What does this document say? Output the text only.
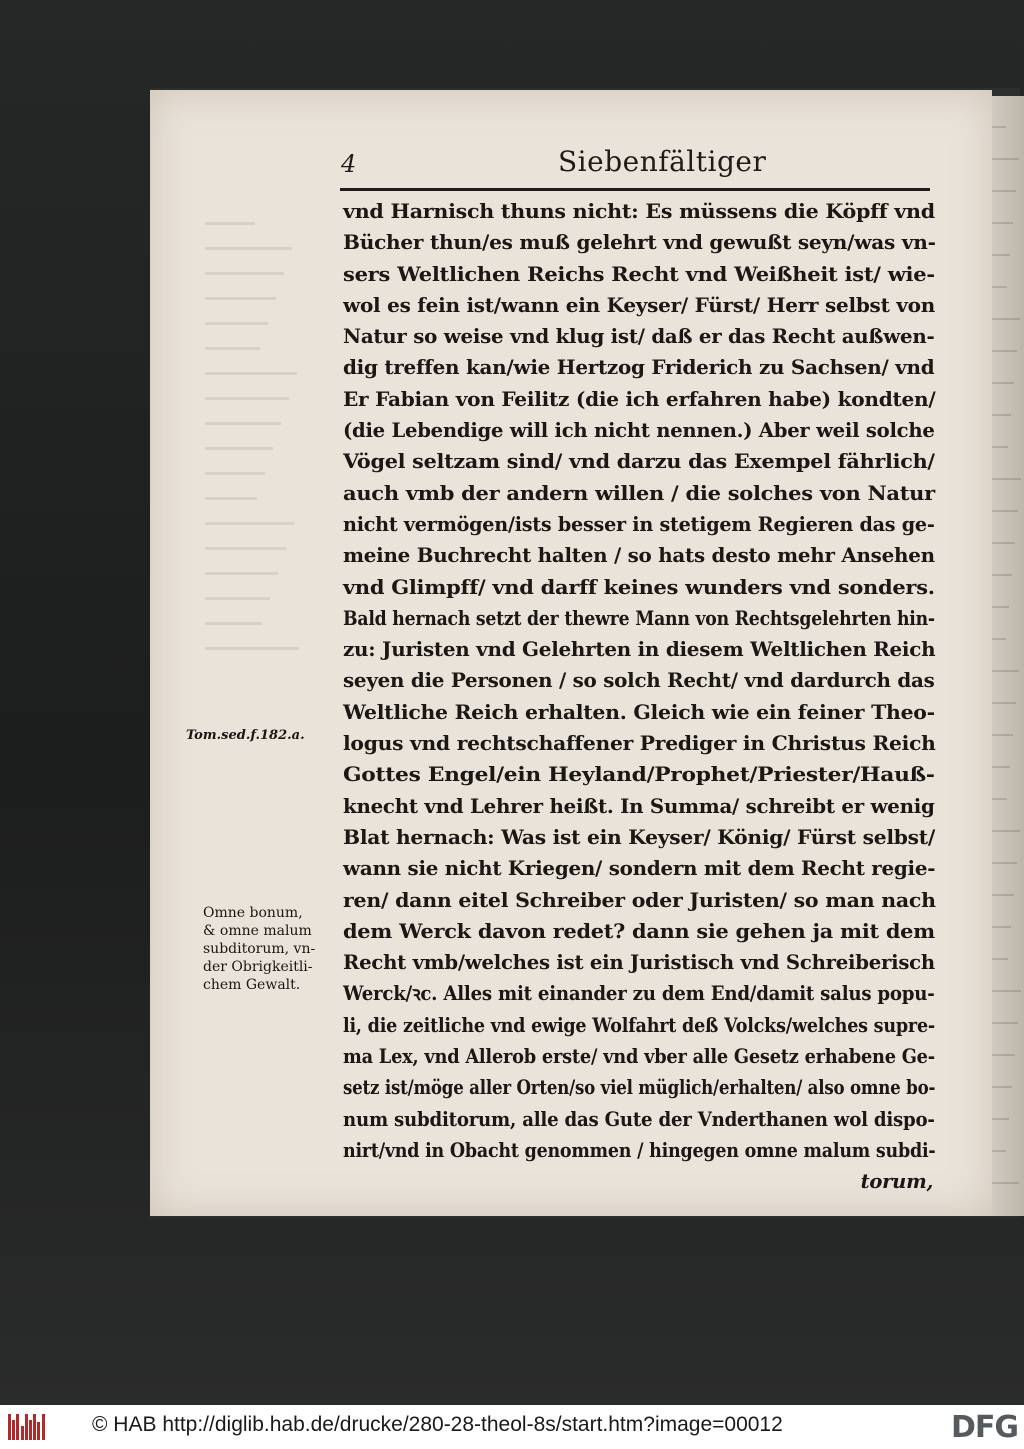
4	Siebenfältiger
vnd Harnisch thuns nicht: Es müssens die Köpff vnd
Bücher thun/es muß gelehrt vnd gewußt seyn/was vn-
sers Weltlichen Reichs Recht vnd Weißheit ist/ wie-
wol es fein ist/wann ein Keyser/ Fürst/ Herr selbst von
Natur so weise vnd klug ist/ daß er das Recht außwen-
dig treffen kan/wie Hertzog Friderich zu Sachsen/ vnd
Er Fabian von Feilitz (die ich erfahren habe) kondten/
(die Lebendige will ich nicht nennen.) Aber weil solche
Vögel seltzam sind/ vnd darzu das Exempel fährlich/
auch vmb der andern willen / die solches von Natur
nicht vermögen/ists besser in stetigem Regieren das ge-
meine Buchrecht halten / so hats desto mehr Ansehen
vnd Glimpff/ vnd darff keines wunders vnd sonders.
Bald hernach setzt der thewre Mann von Rechtsgelehrten hin-
zu: Juristen vnd Gelehrten in diesem Weltlichen Reich
seyen die Personen / so solch Recht/ vnd dardurch das
Weltliche Reich erhalten. Gleich wie ein feiner Theo-
logus vnd rechtschaffener Prediger in Christus Reich
Gottes Engel/ein Heyland/Prophet/Priester/Hauß-
knecht vnd Lehrer heißt. In Summa/ schreibt er wenig
Blat hernach: Was ist ein Keyser/ König/ Fürst selbst/
wann sie nicht Kriegen/ sondern mit dem Recht regie-
ren/ dann eitel Schreiber oder Juristen/ so man nach
dem Werck davon redet? dann sie gehen ja mit dem
Recht vmb/welches ist ein Juristisch vnd Schreiberisch
Werck/ꝛc. Alles mit einander zu dem End/damit salus popu-
li, die zeitliche vnd ewige Wolfahrt deß Volcks/welches supre-
ma Lex, vnd Allerob erste/ vnd vber alle Gesetz erhabene Ge-
setz ist/möge aller Orten/so viel müglich/erhalten/ also omne bo-
num subditorum, alle das Gute der Vnderthanen wol dispo-
nirt/vnd in Obacht genommen / hingegen omne malum subdi-
torum,
Tom.sed.f.182.a.
Omne bonum,
& omne malum
subditorum, vn-
der Obrigkeitli-
chem Gewalt.
© HAB http://diglib.hab.de/drucke/280-28-theol-8s/start.htm?image=00012	DFG
